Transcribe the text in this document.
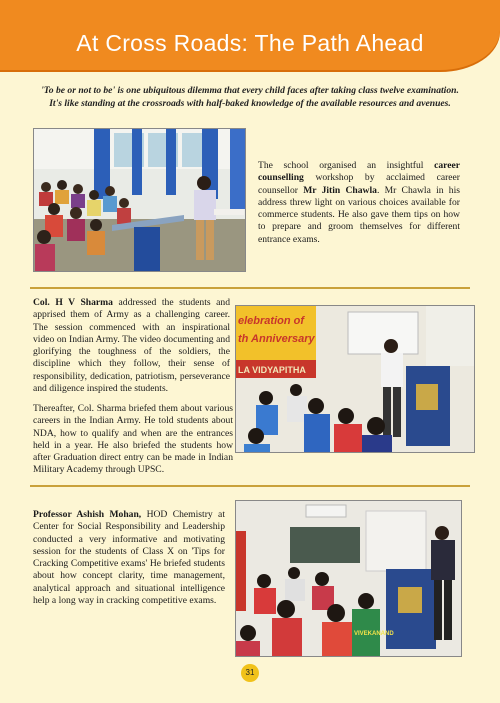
At Cross Roads: The Path Ahead
'To be or not to be' is one ubiquitous dilemma that every child faces after taking class twelve examination. It's like standing at the crossroads with half-baked knowledge of the available resources and avenues.
The school organised an insightful career counselling workshop by acclaimed career counsellor Mr Jitin Chawla. Mr Chawla in his address threw light on various choices available for commerce students. He also gave them tips on how to prepare and groom themselves for different entrance exams.
Col. H V Sharma addressed the students and apprised them of Army as a challenging career. The session commenced with an inspirational video on Indian Army. The video documenting and glorifying the toughness of the soldiers, the discipline which they follow, their sense of responsibility, dedication, patriotism, perseverance and diligence inspired the students.
elebration of
th Anniversary
LA VIDYAPITHA
Thereafter, Col. Sharma briefed them about various careers in the Indian Army. He told students about NDA, how to qualify and when are the entrances held in a year. He also briefed the students how after Graduation direct entry can be made in Indian Military Academy through UPSC.
Professor Ashish Mohan, HOD Chemistry at Center for Social Responsibility and Leadership conducted a very informative and motivating session for the students of Class X on 'Tips for Cracking Competitive exams' He briefed students about how concept clarity, time management, analytical approach and situational intelligence help a long way in cracking competitive exams.
VIVEKANAND
31
